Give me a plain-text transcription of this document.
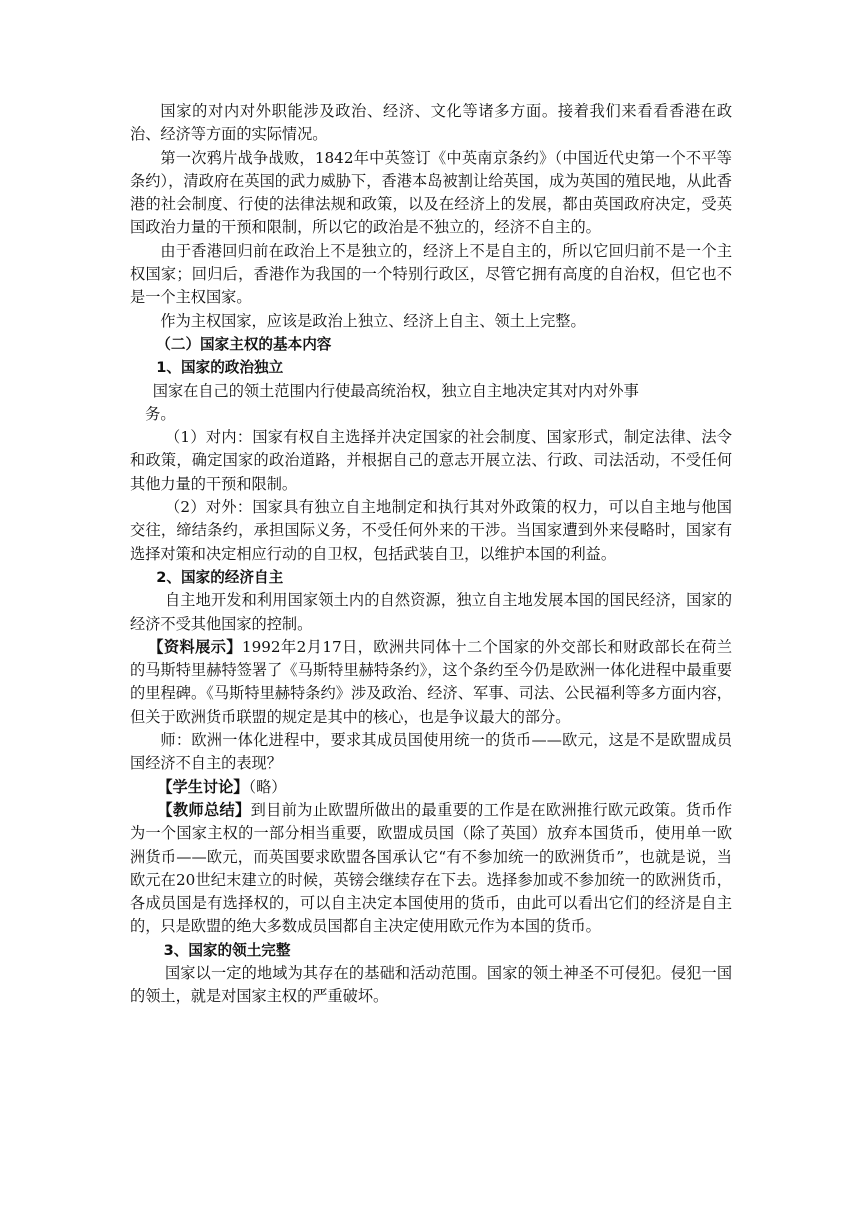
国家的对内对外职能涉及政治、经济、文化等诸多方面。接着我们来看看香港在政治、经济等方面的实际情况。

第一次鸦片战争战败，1842年中英签订《中英南京条约》（中国近代史第一个不平等条约），清政府在英国的武力威胁下，香港本岛被割让给英国，成为英国的殖民地，从此香港的社会制度、行使的法律法规和政策，以及在经济上的发展，都由英国政府决定，受英国政治力量的干预和限制，所以它的政治是不独立的，经济不自主的。

由于香港回归前在政治上不是独立的，经济上不是自主的，所以它回归前不是一个主权国家；回归后，香港作为我国的一个特别行政区，尽管它拥有高度的自治权，但它也不是一个主权国家。

作为主权国家，应该是政治上独立、经济上自主、领土上完整。

（二）国家主权的基本内容

1、国家的政治独立

国家在自己的领土范围内行使最高统治权，独立自主地决定其对内对外事
务。

（1）对内：国家有权自主选择并决定国家的社会制度、国家形式，制定法律、法令和政策，确定国家的政治道路，并根据自己的意志开展立法、行政、司法活动，不受任何其他力量的干预和限制。

（2）对外：国家具有独立自主地制定和执行其对外政策的权力，可以自主地与他国交往，缔结条约，承担国际义务，不受任何外来的干涉。当国家遭到外来侵略时，国家有选择对策和决定相应行动的自卫权，包括武装自卫，以维护本国的利益。

2、国家的经济自主

自主地开发和利用国家领土内的自然资源，独立自主地发展本国的国民经济，国家的经济不受其他国家的控制。

【资料展示】1992年2月17日，欧洲共同体十二个国家的外交部长和财政部长在荷兰的马斯特里赫特签署了《马斯特里赫特条约》，这个条约至今仍是欧洲一体化进程中最重要的里程碑。《马斯特里赫特条约》涉及政治、经济、军事、司法、公民福利等多方面内容，但关于欧洲货币联盟的规定是其中的核心，也是争议最大的部分。

师：欧洲一体化进程中，要求其成员国使用统一的货币——欧元，这是不是欧盟成员国经济不自主的表现？

【学生讨论】（略）

【教师总结】到目前为止欧盟所做出的最重要的工作是在欧洲推行欧元政策。货币作为一个国家主权的一部分相当重要，欧盟成员国（除了英国）放弃本国货币，使用单一欧洲货币——欧元，而英国要求欧盟各国承认它“有不参加统一的欧洲货币”，也就是说，当欧元在20世纪末建立的时候，英镑会继续存在下去。选择参加或不参加统一的欧洲货币，各成员国是有选择权的，可以自主决定本国使用的货币，由此可以看出它们的经济是自主的，只是欧盟的绝大多数成员国都自主决定使用欧元作为本国的货币。

3、国家的领土完整

国家以一定的地域为其存在的基础和活动范围。国家的领土神圣不可侵犯。侵犯一国的领土，就是对国家主权的严重破坏。
